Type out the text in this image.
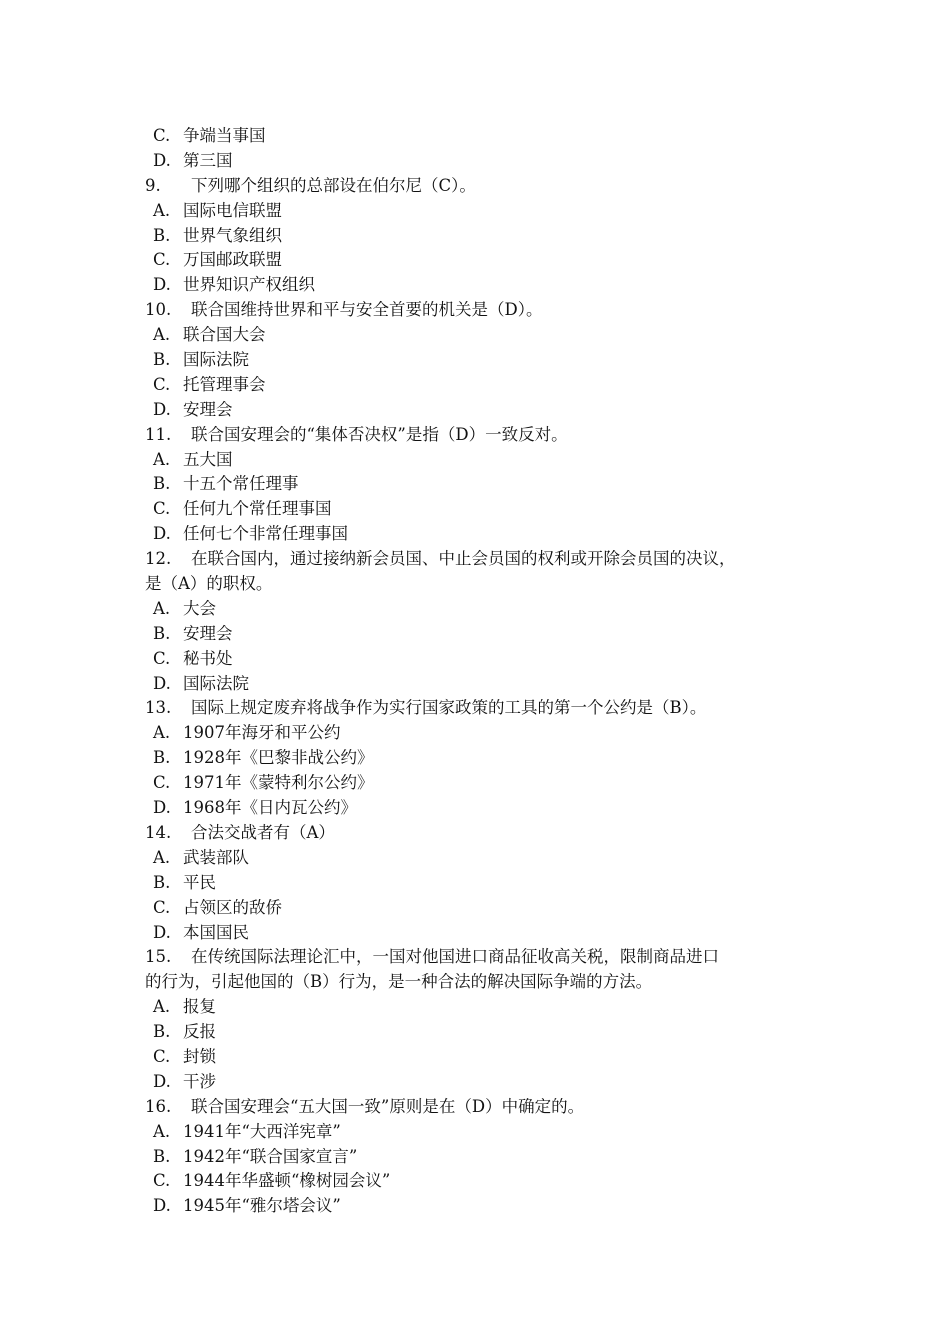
C. 争端当事国
D. 第三国
9. 下列哪个组织的总部设在伯尔尼（C）。
A. 国际电信联盟
B. 世界气象组织
C. 万国邮政联盟
D. 世界知识产权组织
10. 联合国维持世界和平与安全首要的机关是（D）。
A. 联合国大会
B. 国际法院
C. 托管理事会
D. 安理会
11. 联合国安理会的“集体否决权”是指（D）一致反对。
A. 五大国
B. 十五个常任理事
C. 任何九个常任理事国
D. 任何七个非常任理事国
12. 在联合国内，通过接纳新会员国、中止会员国的权利或开除会员国的决议，
是（A）的职权。
A. 大会
B. 安理会
C. 秘书处
D. 国际法院
13. 国际上规定废弃将战争作为实行国家政策的工具的第一个公约是（B）。
A. 1907年海牙和平公约
B. 1928年《巴黎非战公约》
C. 1971年《蒙特利尔公约》
D. 1968年《日内瓦公约》
14. 合法交战者有（A）
A. 武装部队
B. 平民
C. 占领区的敌侨
D. 本国国民
15. 在传统国际法理论汇中，一国对他国进口商品征收高关税，限制商品进口
的行为，引起他国的（B）行为，是一种合法的解决国际争端的方法。
A. 报复
B. 反报
C. 封锁
D. 干涉
16. 联合国安理会“五大国一致”原则是在（D）中确定的。
A. 1941年“大西洋宪章”
B. 1942年“联合国家宣言”
C. 1944年华盛顿“橡树园会议”
D. 1945年“雅尔塔会议”
